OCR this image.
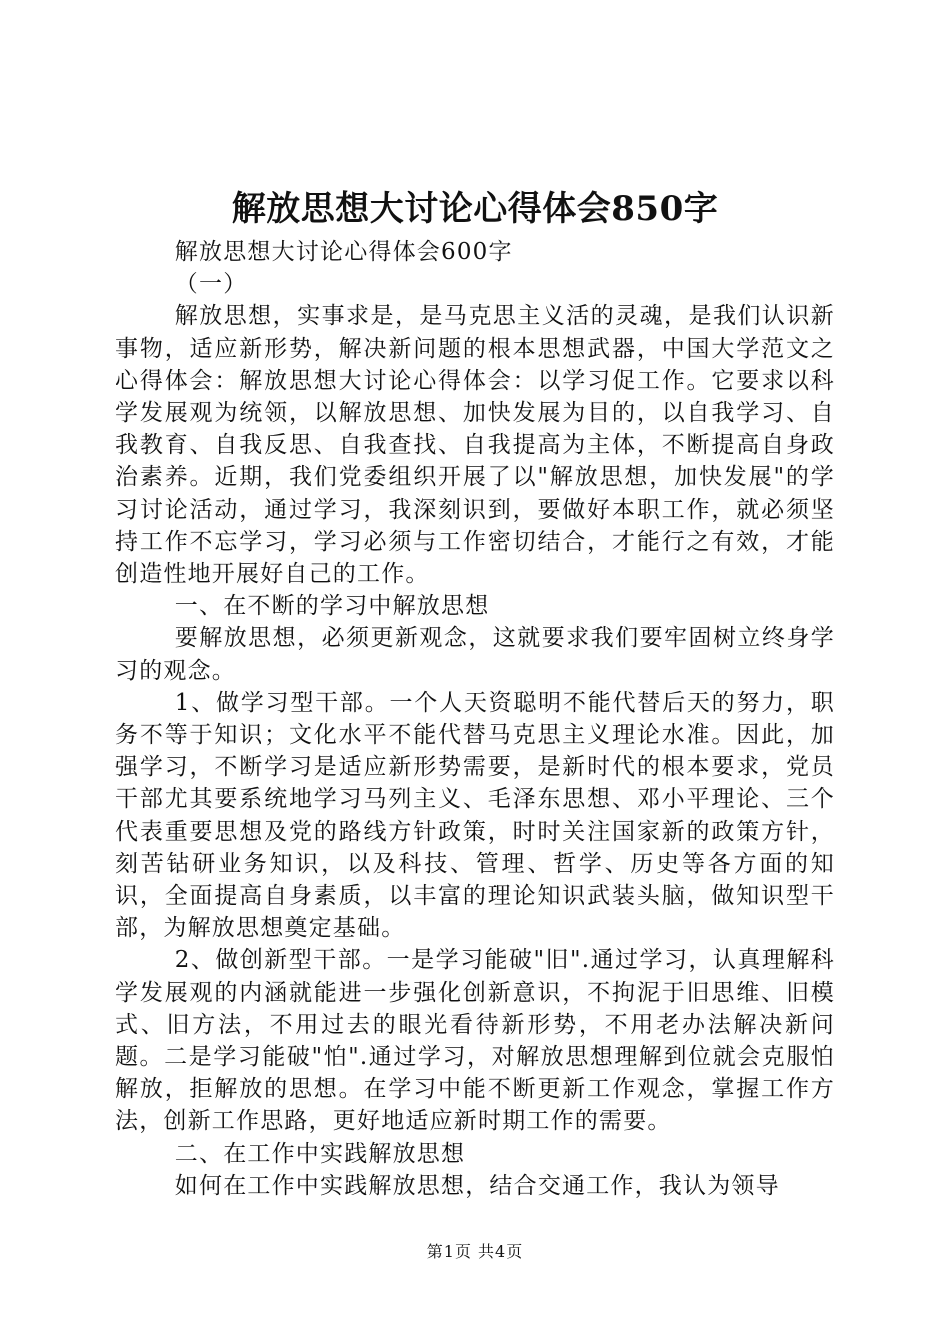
解放思想大讨论心得体会850字

解放思想大讨论心得体会600字

（一）

解放思想，实事求是，是马克思主义活的灵魂，是我们认识新事物，适应新形势，解决新问题的根本思想武器，中国大学范文之心得体会：解放思想大讨论心得体会：以学习促工作。它要求以科学发展观为统领，以解放思想、加快发展为目的，以自我学习、自我教育、自我反思、自我查找、自我提高为主体，不断提高自身政治素养。近期，我们党委组织开展了以"解放思想，加快发展"的学习讨论活动，通过学习，我深刻识到，要做好本职工作，就必须坚持工作不忘学习，学习必须与工作密切结合，才能行之有效，才能创造性地开展好自己的工作。

一、在不断的学习中解放思想

要解放思想，必须更新观念，这就要求我们要牢固树立终身学习的观念。

1、做学习型干部。一个人天资聪明不能代替后天的努力，职务不等于知识；文化水平不能代替马克思主义理论水准。因此，加强学习，不断学习是适应新形势需要，是新时代的根本要求，党员干部尤其要系统地学习马列主义、毛泽东思想、邓小平理论、三个代表重要思想及党的路线方针政策，时时关注国家新的政策方针，刻苦钻研业务知识，以及科技、管理、哲学、历史等各方面的知识，全面提高自身素质，以丰富的理论知识武装头脑，做知识型干部，为解放思想奠定基础。

2、做创新型干部。一是学习能破"旧".通过学习，认真理解科学发展观的内涵就能进一步强化创新意识，不拘泥于旧思维、旧模式、旧方法，不用过去的眼光看待新形势，不用老办法解决新问题。二是学习能破"怕".通过学习，对解放思想理解到位就会克服怕解放，拒解放的思想。在学习中能不断更新工作观念，掌握工作方法，创新工作思路，更好地适应新时期工作的需要。

二、在工作中实践解放思想

如何在工作中实践解放思想，结合交通工作，我认为领导

第1页 共4页
